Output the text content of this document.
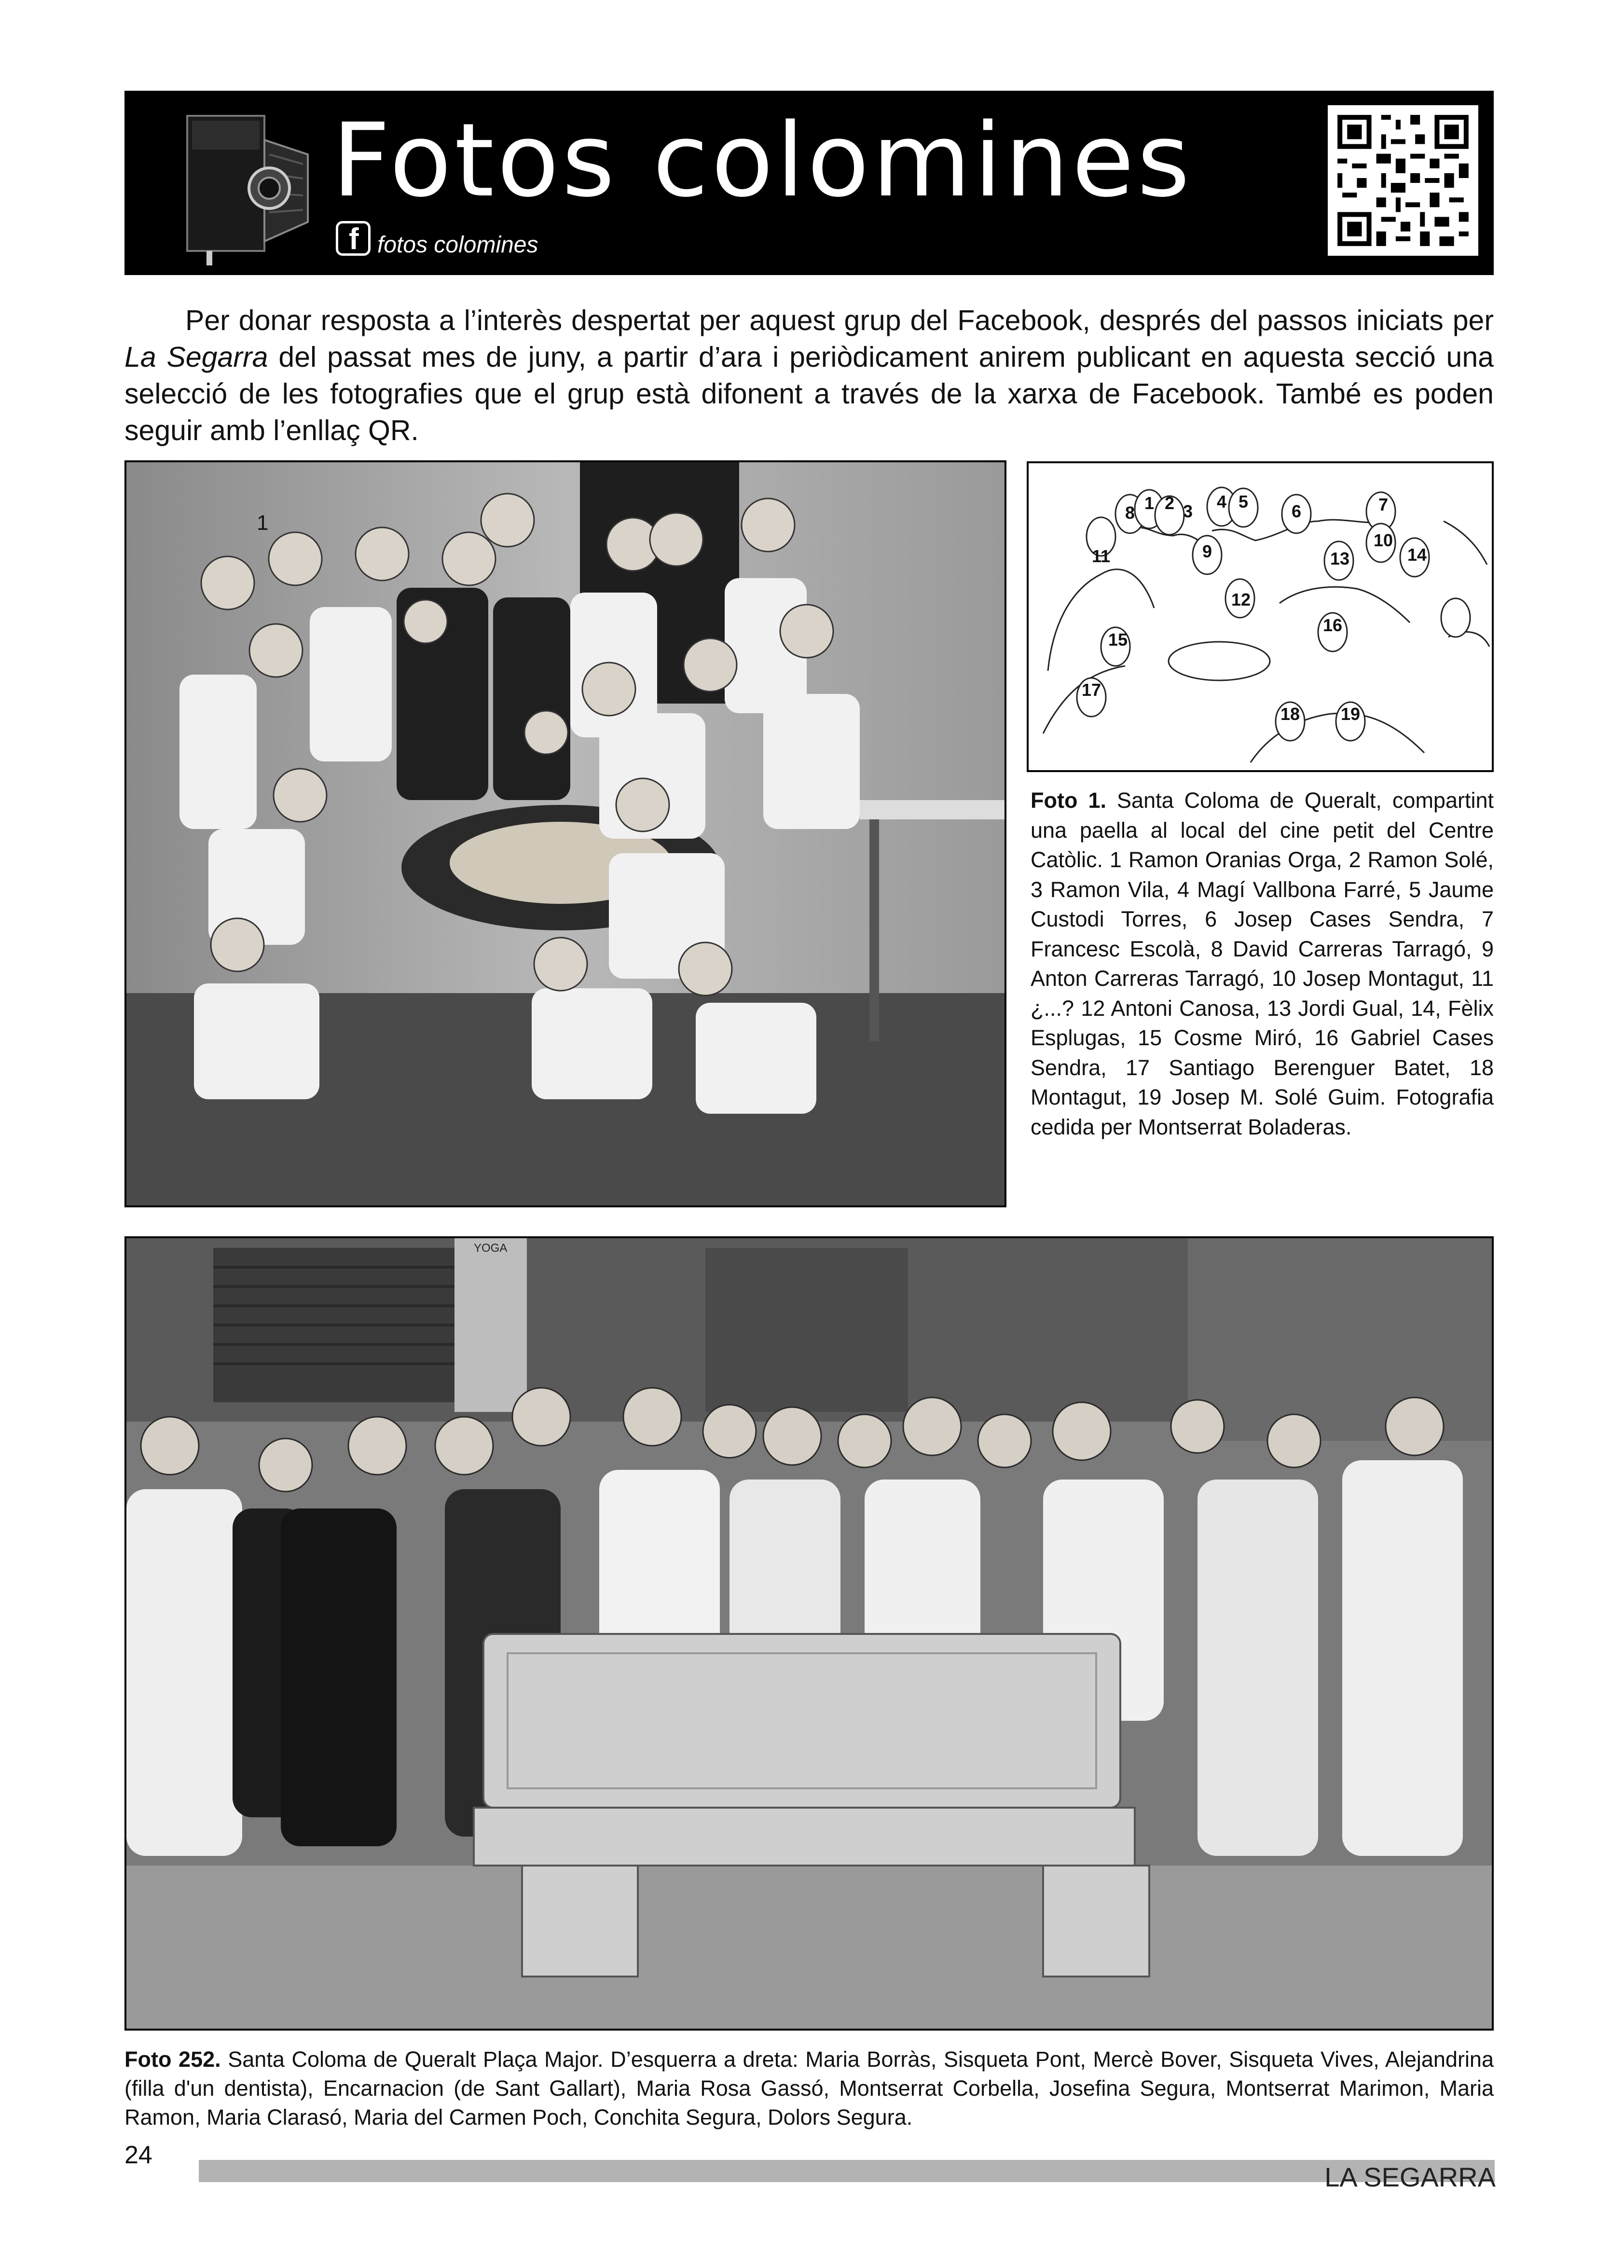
Fotos colomines
f fotos colomines

Per donar resposta a l’interès despertat per aquest grup del Facebook, després del passos iniciats per La Segarra del passat mes de juny, a partir d’ara i periòdicament anirem publicant en aquesta secció una selecció de les fotografies que el grup està difonent a través de la xarxa de Facebook. També es poden seguir amb l’enllaç QR.

1	8 1 2 3 4 5 6	7
11	9
10
13	14
12
16
15
17
18 19
Foto 1. Santa Coloma de Queralt, compartint una paella al local del cine petit del Centre Catòlic. 1 Ramon Oranias Orga, 2 Ramon Solé, 3 Ramon Vila, 4 Magí Vallbona Farré, 5 Jaume Custodi Torres, 6 Josep Cases Sendra, 7 Francesc Escolà, 8 David Carreras Tarragó, 9 Anton Carreras Tarragó, 10 Josep Montagut, 11 ¿...? 12 Antoni Canosa, 13 Jordi Gual, 14, Fèlix Esplugas, 15 Cosme Miró, 16 Gabriel Cases Sendra, 17 Santiago Berenguer Batet, 18 Montagut, 19 Josep M. Solé Guim. Fotografia cedida per Montserrat Boladeras.
YOGA
Foto 252. Santa Coloma de Queralt Plaça Major. D’esquerra a dreta: Maria Borràs, Sisqueta Pont, Mercè Bover, Sisqueta Vives, Alejandrina (filla d'un dentista), Encarnacion (de Sant Gallart), Maria Rosa Gassó, Montserrat Corbella, Josefina Segura, Montserrat Marimon, Maria Ramon, Maria Clarasó, Maria del Carmen Poch, Conchita Segura, Dolors Segura.
24
LA SEGARRA
